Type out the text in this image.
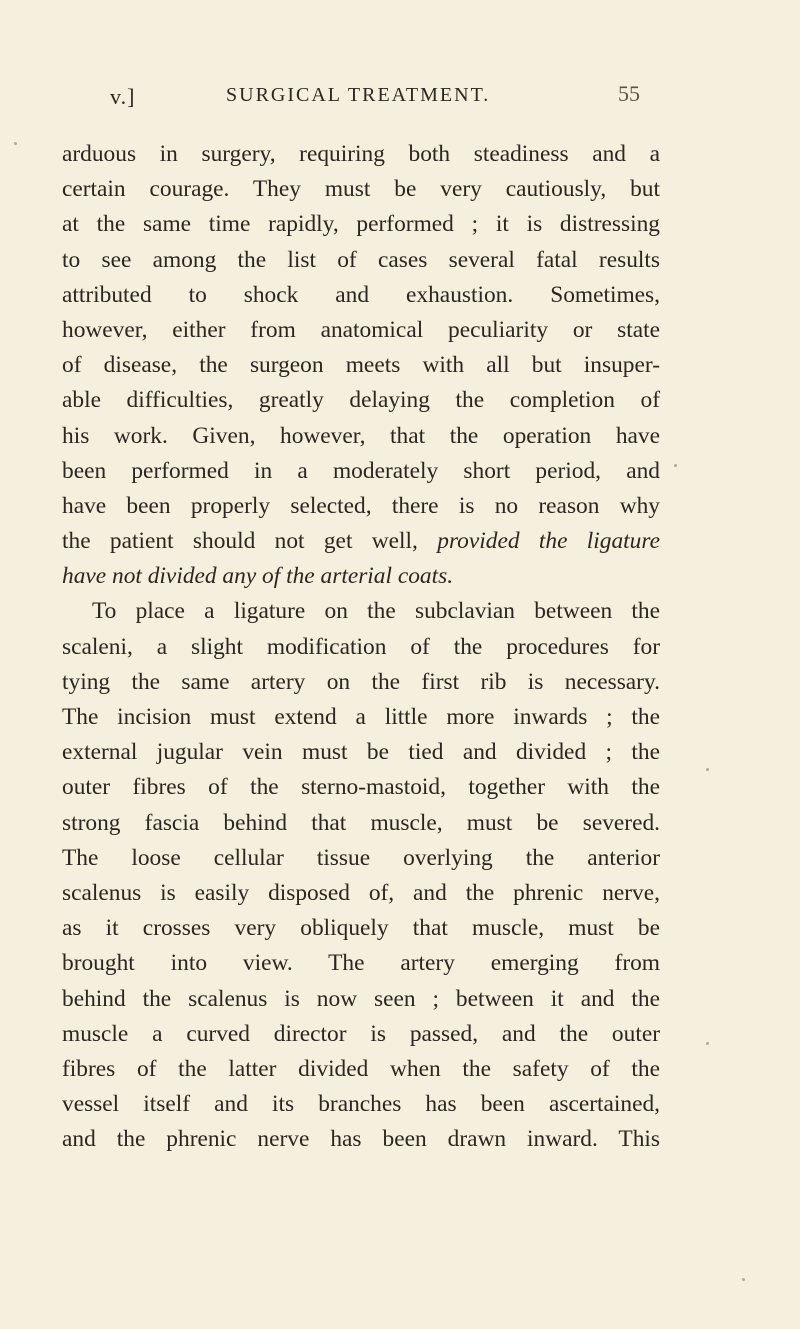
v.]	SURGICAL TREATMENT.	55
arduous in surgery, requiring both steadiness and a
certain courage. They must be very cautiously, but
at the same time rapidly, performed ; it is distressing
to see among the list of cases several fatal results
attributed to shock and exhaustion. Sometimes,
however, either from anatomical peculiarity or state
of disease, the surgeon meets with all but insuper-
able difficulties, greatly delaying the completion of
his work. Given, however, that the operation have
been performed in a moderately short period, and
have been properly selected, there is no reason why
the patient should not get well, provided the ligature
have not divided any of the arterial coats.
To place a ligature on the subclavian between the
scaleni, a slight modification of the procedures for
tying the same artery on the first rib is necessary.
The incision must extend a little more inwards ; the
external jugular vein must be tied and divided ; the
outer fibres of the sterno-mastoid, together with the
strong fascia behind that muscle, must be severed.
The loose cellular tissue overlying the anterior
scalenus is easily disposed of, and the phrenic nerve,
as it crosses very obliquely that muscle, must be
brought into view. The artery emerging from
behind the scalenus is now seen ; between it and the
muscle a curved director is passed, and the outer
fibres of the latter divided when the safety of the
vessel itself and its branches has been ascertained,
and the phrenic nerve has been drawn inward. This
